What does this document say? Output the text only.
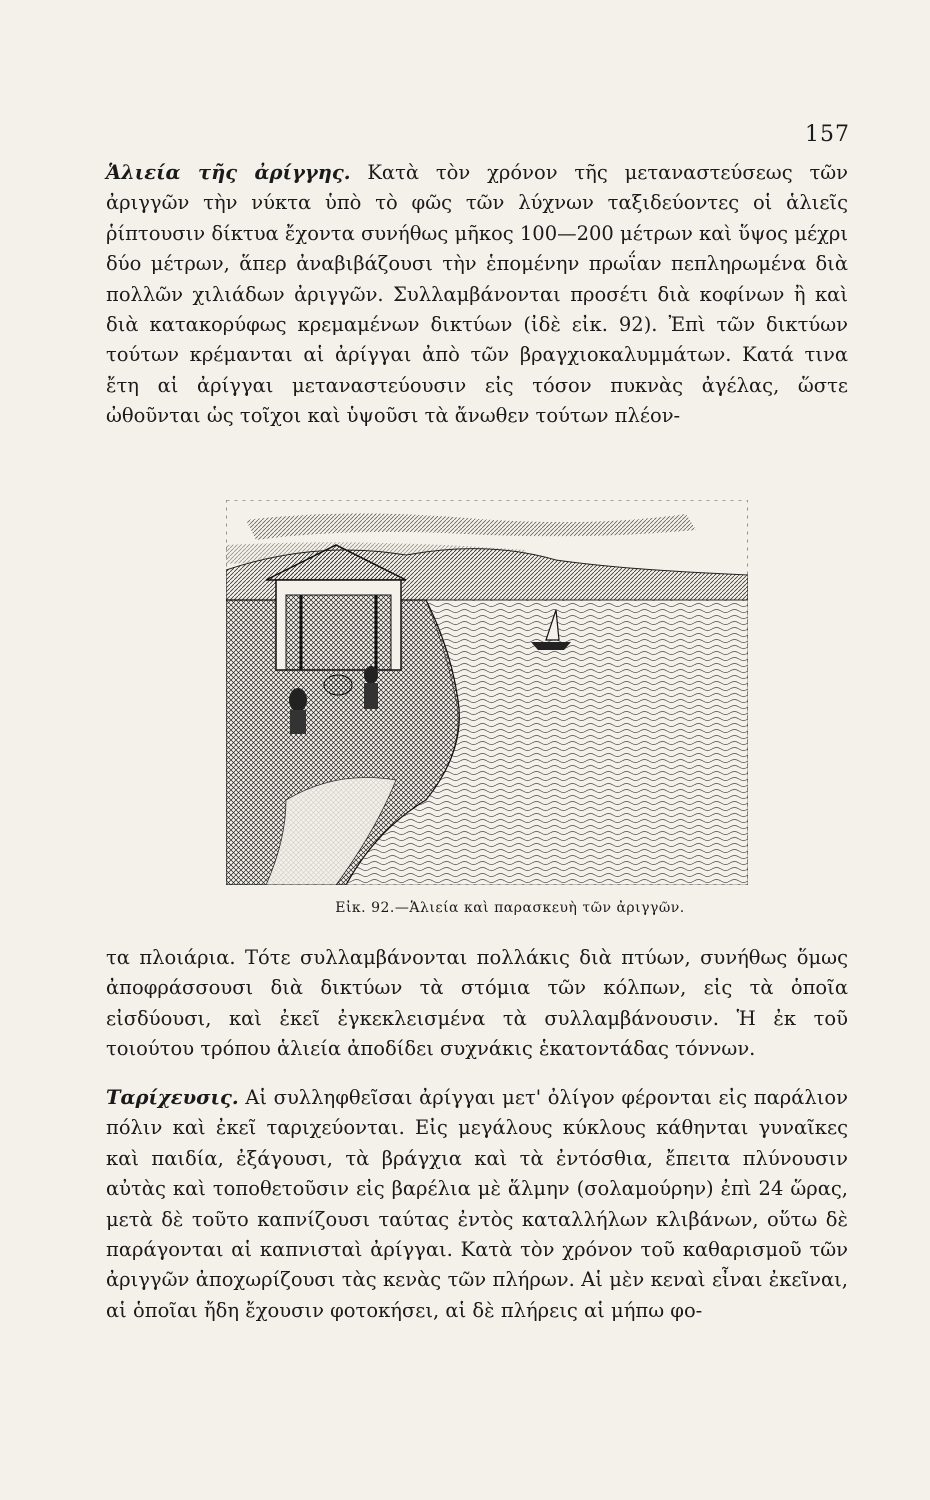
157
Ἁλιεία τῆς ἀρίγγης. Κατὰ τὸν χρόνον τῆς μεταναστεύσεως τῶν ἀριγγῶν τὴν νύκτα ὑπὸ τὸ φῶς τῶν λύχνων ταξιδεύοντες οἱ ἁλιεῖς ῥίπτουσιν δίκτυα ἔχοντα συνήθως μῆκος 100—200 μέτρων καὶ ὕψος μέχρι δύο μέτρων, ἅπερ ἀναβιβάζουσι τὴν ἑπομένην πρωΐαν πεπληρωμένα διὰ πολλῶν χιλιάδων ἀριγγῶν. Συλλαμβάνονται προσέτι διὰ κοφίνων ἢ καὶ διὰ κατακορύφως κρεμαμένων δικτύων (ἰδὲ εἰκ. 92). Ἐπὶ τῶν δικτύων τούτων κρέμανται αἱ ἀρίγγαι ἀπὸ τῶν βραγχιοκαλυμμάτων. Κατά τινα ἔτη αἱ ἀρίγγαι μεταναστεύουσιν εἰς τόσον πυκνὰς ἀγέλας, ὥστε ὠθοῦνται ὡς τοῖχοι καὶ ὑψοῦσι τὰ ἄνωθεν τούτων πλέον-
Εἰκ. 92.—Ἁλιεία καὶ παρασκευὴ τῶν ἀριγγῶν.
τα πλοιάρια. Τότε συλλαμβάνονται πολλάκις διὰ πτύων, συνήθως ὅμως ἀποφράσσουσι διὰ δικτύων τὰ στόμια τῶν κόλπων, εἰς τὰ ὁποῖα εἰσδύουσι, καὶ ἐκεῖ ἐγκεκλεισμένα τὰ συλλαμβάνουσιν. Ἡ ἐκ τοῦ τοιούτου τρόπου ἁλιεία ἀποδίδει συχνάκις ἑκατοντάδας τόννων.
Ταρίχευσις. Αἱ συλληφθεῖσαι ἀρίγγαι μετ' ὀλίγον φέρονται εἰς παράλιον πόλιν καὶ ἐκεῖ ταριχεύονται. Εἰς μεγάλους κύκλους κάθηνται γυναῖκες καὶ παιδία, ἐξάγουσι, τὰ βράγχια καὶ τὰ ἐντόσθια, ἔπειτα πλύνουσιν αὐτὰς καὶ τοποθετοῦσιν εἰς βαρέλια μὲ ἅλμην (σολαμούρην) ἐπὶ 24 ὥρας, μετὰ δὲ τοῦτο καπνίζουσι ταύτας ἐντὸς καταλλήλων κλιβάνων, οὕτω δὲ παράγονται αἱ καπνισταὶ ἀρίγγαι. Κατὰ τὸν χρόνον τοῦ καθαρισμοῦ τῶν ἀριγγῶν ἀποχωρίζουσι τὰς κενὰς τῶν πλήρων. Αἱ μὲν κεναὶ εἶναι ἐκεῖναι, αἱ ὁποῖαι ἤδη ἔχουσιν φοτοκήσει, αἱ δὲ πλήρεις αἱ μήπω φο-
